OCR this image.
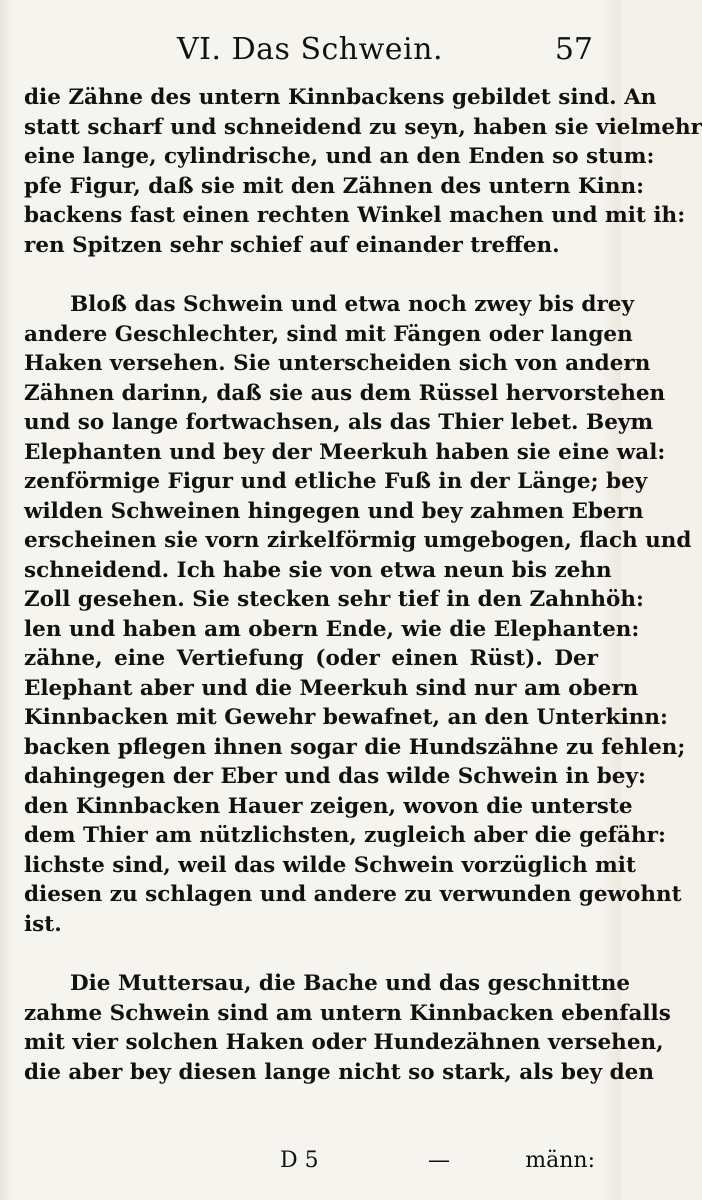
VI. Das Schwein.	57
die Zähne des untern Kinnbackens gebildet sind. An
statt scharf und schneidend zu seyn, haben sie vielmehr
eine lange, cylindrische, und an den Enden so stum:
pfe Figur, daß sie mit den Zähnen des untern Kinn:
backens fast einen rechten Winkel machen und mit ih:
ren Spitzen sehr schief auf einander treffen.
Bloß das Schwein und etwa noch zwey bis drey
andere Geschlechter, sind mit Fängen oder langen
Haken versehen. Sie unterscheiden sich von andern
Zähnen darinn, daß sie aus dem Rüssel hervorstehen
und so lange fortwachsen, als das Thier lebet. Beym
Elephanten und bey der Meerkuh haben sie eine wal:
zenförmige Figur und etliche Fuß in der Länge; bey
wilden Schweinen hingegen und bey zahmen Ebern
erscheinen sie vorn zirkelförmig umgebogen, flach und
schneidend. Ich habe sie von etwa neun bis zehn
Zoll gesehen. Sie stecken sehr tief in den Zahnhöh:
len und haben am obern Ende, wie die Elephanten:
zähne, eine Vertiefung (oder einen Rüst). Der
Elephant aber und die Meerkuh sind nur am obern
Kinnbacken mit Gewehr bewafnet, an den Unterkinn:
backen pflegen ihnen sogar die Hundszähne zu fehlen;
dahingegen der Eber und das wilde Schwein in bey:
den Kinnbacken Hauer zeigen, wovon die unterste
dem Thier am nützlichsten, zugleich aber die gefähr:
lichste sind, weil das wilde Schwein vorzüglich mit
diesen zu schlagen und andere zu verwunden gewohnt
ist.
Die Muttersau, die Bache und das geschnittne
zahme Schwein sind am untern Kinnbacken ebenfalls
mit vier solchen Haken oder Hundezähnen versehen,
die aber bey diesen lange nicht so stark, als bey den
D 5	—	männ:
